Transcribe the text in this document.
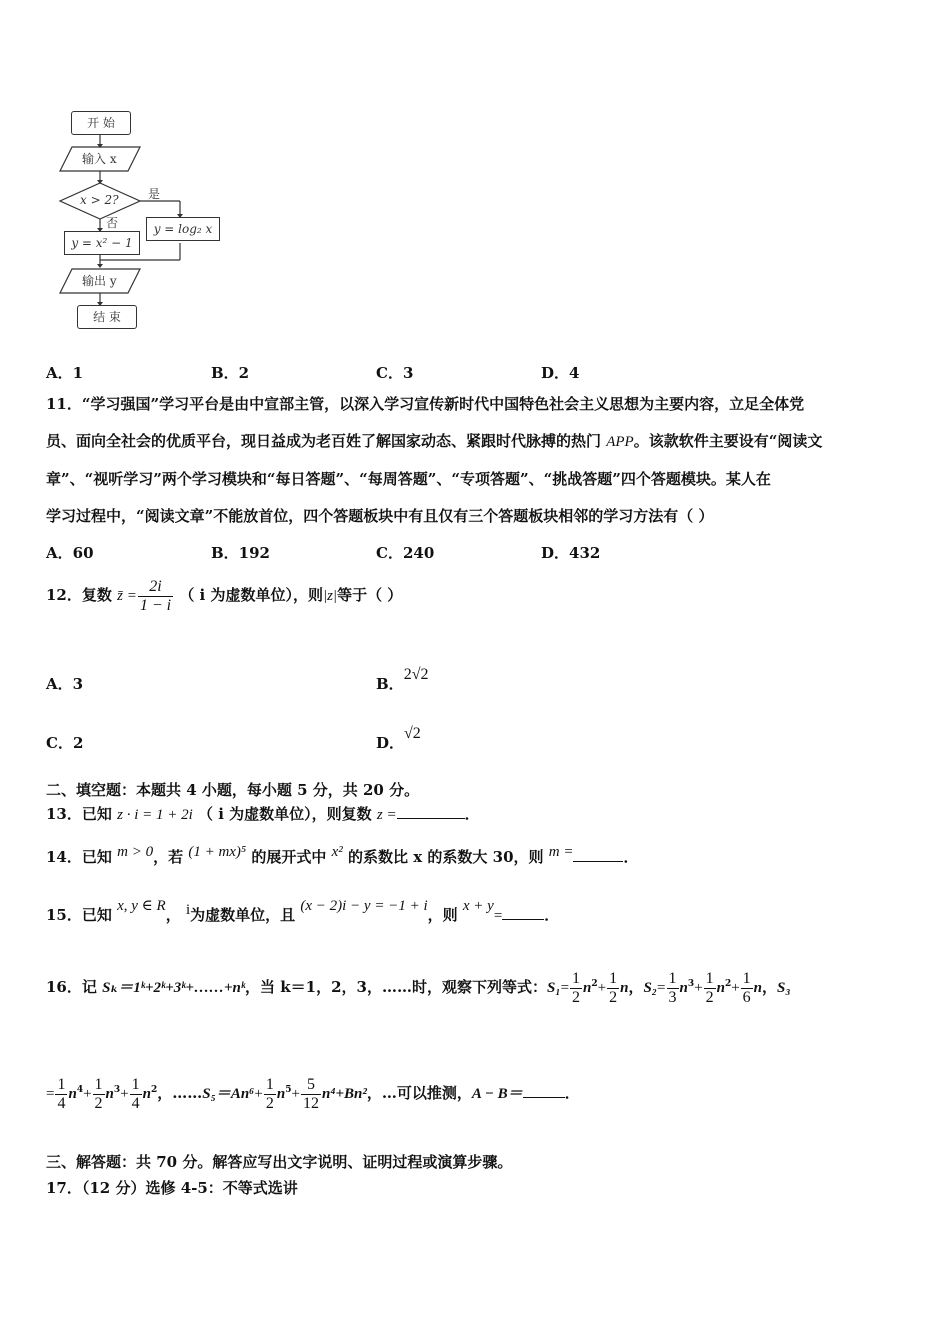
开 始
输入 x
x > 2? 是
否
y = x² − 1
y = log₂ x
输出 y
结 束
A．1	B．2	C．3	D．4
11．“学习强国”学习平台是由中宣部主管，以深入学习宣传新时代中国特色社会主义思想为主要内容，立足全体党
员、面向全社会的优质平台，现日益成为老百姓了解国家动态、紧跟时代脉搏的热门 APP。该款软件主要设有“阅读文
章”、“视听学习”两个学习模块和“每日答题”、“每周答题”、“专项答题”、“挑战答题”四个答题模块。某人在
学习过程中，“阅读文章”不能放首位，四个答题板块中有且仅有三个答题板块相邻的学习方法有（ ）
A．60	B．192	C．240	D．432
12．复数 z̄ = $\frac{2i}{1 - i}$ （ i 为虚数单位），则|z|等于（ ）
A．3	B．2√2
C．2	D．√2
二、填空题：本题共 4 小题，每小题 5 分，共 20 分。
13．已知 z · i = 1 + 2i （ i 为虚数单位），则复数 z =	．
14．已知 m > 0，若 (1 + mx)⁵ 的展开式中 x² 的系数比 x 的系数大 30，则 m =	．
15．已知 x, y ∈ R， i为虚数单位，且 (x − 2)i − y = −1 + i，则 x + y=	．
16．记 Sₖ＝1ᵏ+2ᵏ+3ᵏ+……+nᵏ，当 k＝1，2，3，……时，观察下列等式：$S_1= \frac{1}{2} n^2+ \frac{1}{2}$ n，$S_2= \frac{1}{3} n^3+ \frac{1}{2} n^2+ \frac{1}{6}$ n，S₃
= $\frac{1}{4} n^4+ \frac{1}{2} n^3+ \frac{1}{4} n^2$，……S₅＝An⁶+ $\frac{1}{2} n^5+ \frac{5}{12} n^4+Bn^2$，…可以推测，A − B＝	．
三、解答题：共 70 分。解答应写出文字说明、证明过程或演算步骤。
17．（12 分）选修 4-5：不等式选讲
